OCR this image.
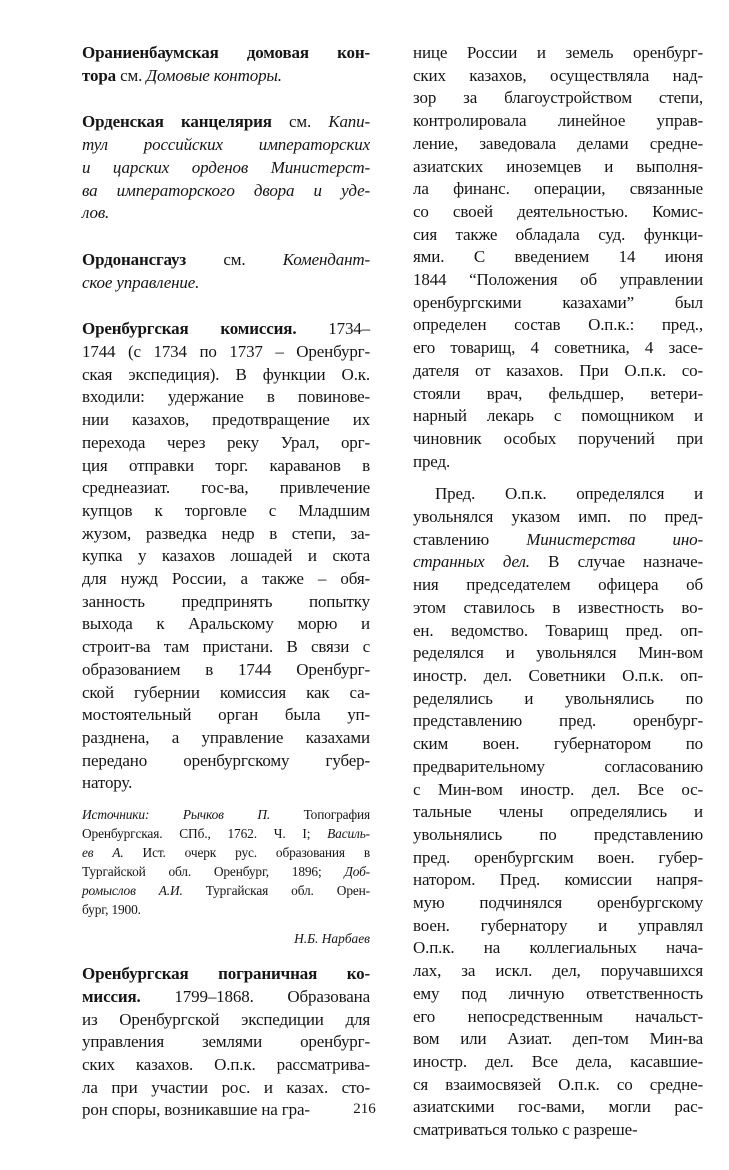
Ораниенбаумская домовая кон-
тора см. Домовые конторы.
Орденская канцелярия см. Капи-
тул российских императорских
и царских орденов Министерст-
ва императорского двора и уде-
лов.
Ордонансгауз см. Комендант-
ское управление.
Оренбургская комиссия. 1734–
1744 (с 1734 по 1737 – Оренбург-
ская экспедиция). В функции О.к.
входили: удержание в повинове-
нии казахов, предотвращение их
перехода через реку Урал, орг-
ция отправки торг. караванов в
среднеазиат. гос-ва, привлечение
купцов к торговле с Младшим
жузом, разведка недр в степи, за-
купка у казахов лошадей и скота
для нужд России, а также – обя-
занность предпринять попытку
выхода к Аральскому морю и
строит-ва там пристани. В связи с
образованием в 1744 Оренбург-
ской губернии комиссия как са-
мостоятельный орган была уп-
разднена, а управление казахами
передано оренбургскому губер-
натору.
Источники: Рычков П. Топография
Оренбургская. СПб., 1762. Ч. I; Василь-
ев А. Ист. очерк рус. образования в
Тургайской обл. Оренбург, 1896; Доб-
ромыслов А.И. Тургайская обл. Орен-
бург, 1900.
Н.Б. Нарбаев
Оренбургская пограничная ко-
миссия. 1799–1868. Образована
из Оренбургской экспедиции для
управления землями оренбург-
ских казахов. О.п.к. рассматрива-
ла при участии рос. и казах. сто-
рон споры, возникавшие на гра-
нице России и земель оренбург-
ских казахов, осуществляла над-
зор за благоустройством степи,
контролировала линейное управ-
ление, заведовала делами средне-
азиатских иноземцев и выполня-
ла финанс. операции, связанные
со своей деятельностью. Комис-
сия также обладала суд. функци-
ями. С введением 14 июня
1844 “Положения об управлении
оренбургскими казахами” был
определен состав О.п.к.: пред.,
его товарищ, 4 советника, 4 засе-
дателя от казахов. При О.п.к. со-
стояли врач, фельдшер, ветери-
нарный лекарь с помощником и
чиновник особых поручений при
пред.
Пред. О.п.к. определялся и
увольнялся указом имп. по пред-
ставлению Министерства ино-
странных дел. В случае назначе-
ния председателем офицера об
этом ставилось в известность во-
ен. ведомство. Товарищ пред. оп-
ределялся и увольнялся Мин-вом
иностр. дел. Советники О.п.к. оп-
ределялись и увольнялись по
представлению пред. оренбург-
ским воен. губернатором по
предварительному согласованию
с Мин-вом иностр. дел. Все ос-
тальные члены определялись и
увольнялись по представлению
пред. оренбургским воен. губер-
натором. Пред. комиссии напря-
мую подчинялся оренбургскому
воен. губернатору и управлял
О.п.к. на коллегиальных нача-
лах, за искл. дел, поручавшихся
ему под личную ответственность
его непосредственным начальст-
вом или Азиат. деп-том Мин-ва
иностр. дел. Все дела, касавшие-
ся взаимосвязей О.п.к. со средне-
азиатскими гос-вами, могли рас-
сматриваться только с разреше-
216
